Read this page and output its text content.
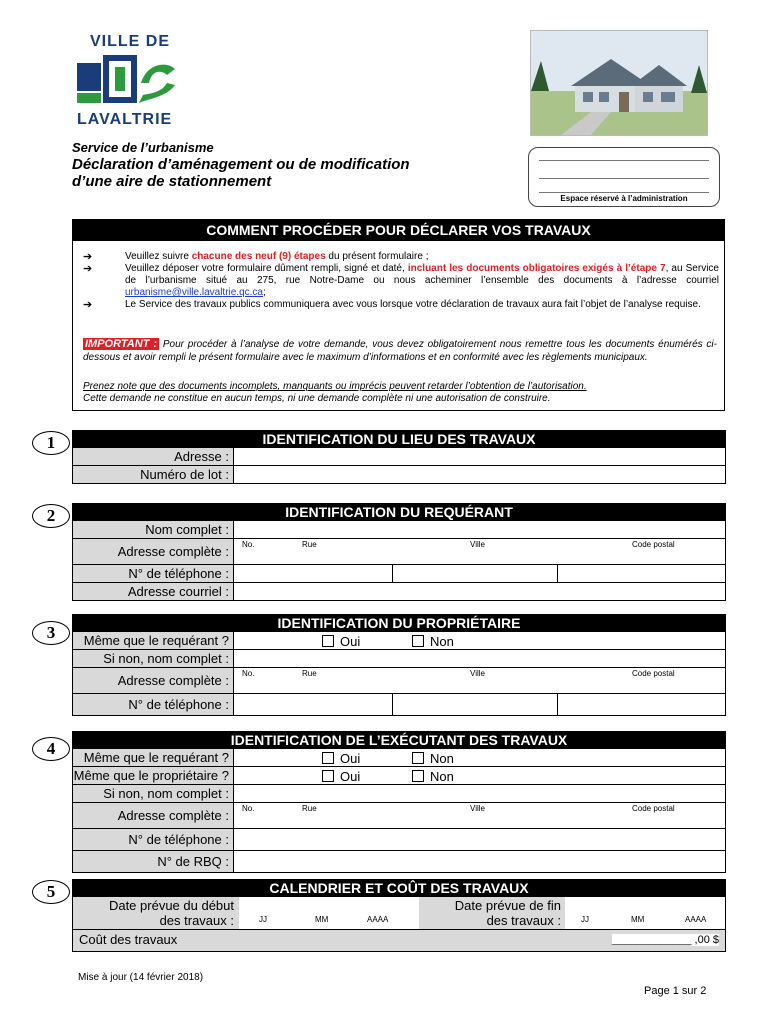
VILLE DE
LAVALTRIE
Service de l’urbanisme
Déclaration d’aménagement ou de modification
d’une aire de stationnement
Espace réservé à l’administration
COMMENT PROCÉDER POUR DÉCLARER VOS TRAVAUX
➔	Veuillez suivre chacune des neuf (9) étapes du présent formulaire ;
➔	Veuillez déposer votre formulaire dûment rempli, signé et daté, incluant les documents obligatoires exigés à l’étape 7, au Service de l’urbanisme situé au 275, rue Notre-Dame ou nous acheminer l’ensemble des documents à l’adresse courriel urbanisme@ville.lavaltrie.qc.ca;
➔	Le Service des travaux publics communiquera avec vous lorsque votre déclaration de travaux aura fait l’objet de l’analyse requise.
IMPORTANT : Pour procéder à l’analyse de votre demande, vous devez obligatoirement nous remettre tous les documents énumérés ci-dessous et avoir rempli le présent formulaire avec le maximum d’informations et en conformité avec les règlements municipaux.
Prenez note que des documents incomplets, manquants ou imprécis peuvent retarder l’obtention de l’autorisation.
Cette demande ne constitue en aucun temps, ni une demande complète ni une autorisation de construire.
1	IDENTIFICATION DU LIEU DES TRAVAUX
Adresse :
Numéro de lot :
2	IDENTIFICATION DU REQUÉRANT
Nom complet :
Adresse complète :	No.	Rue	Ville	Code postal
N° de téléphone :
Adresse courriel :
3	IDENTIFICATION DU PROPRIÉTAIRE
Même que le requérant ?	Oui	Non
Si non, nom complet :
Adresse complète :	No.	Rue	Ville	Code postal
N° de téléphone :
4	IDENTIFICATION DE L’EXÉCUTANT DES TRAVAUX
Même que le requérant ?	Oui	Non
Même que le propriétaire ?	Oui	Non
Si non, nom complet :
Adresse complète :	No.	Rue	Ville	Code postal
N° de téléphone :
N° de RBQ :
5	CALENDRIER ET COÛT DES TRAVAUX
Date prévue du début
des travaux :	JJ	MM	AAAA
Date prévue de fin
des travaux :	JJ	MM	AAAA
Coût des travaux	_____________ ,00 $
Mise à jour (14 février 2018)
Page 1 sur 2
